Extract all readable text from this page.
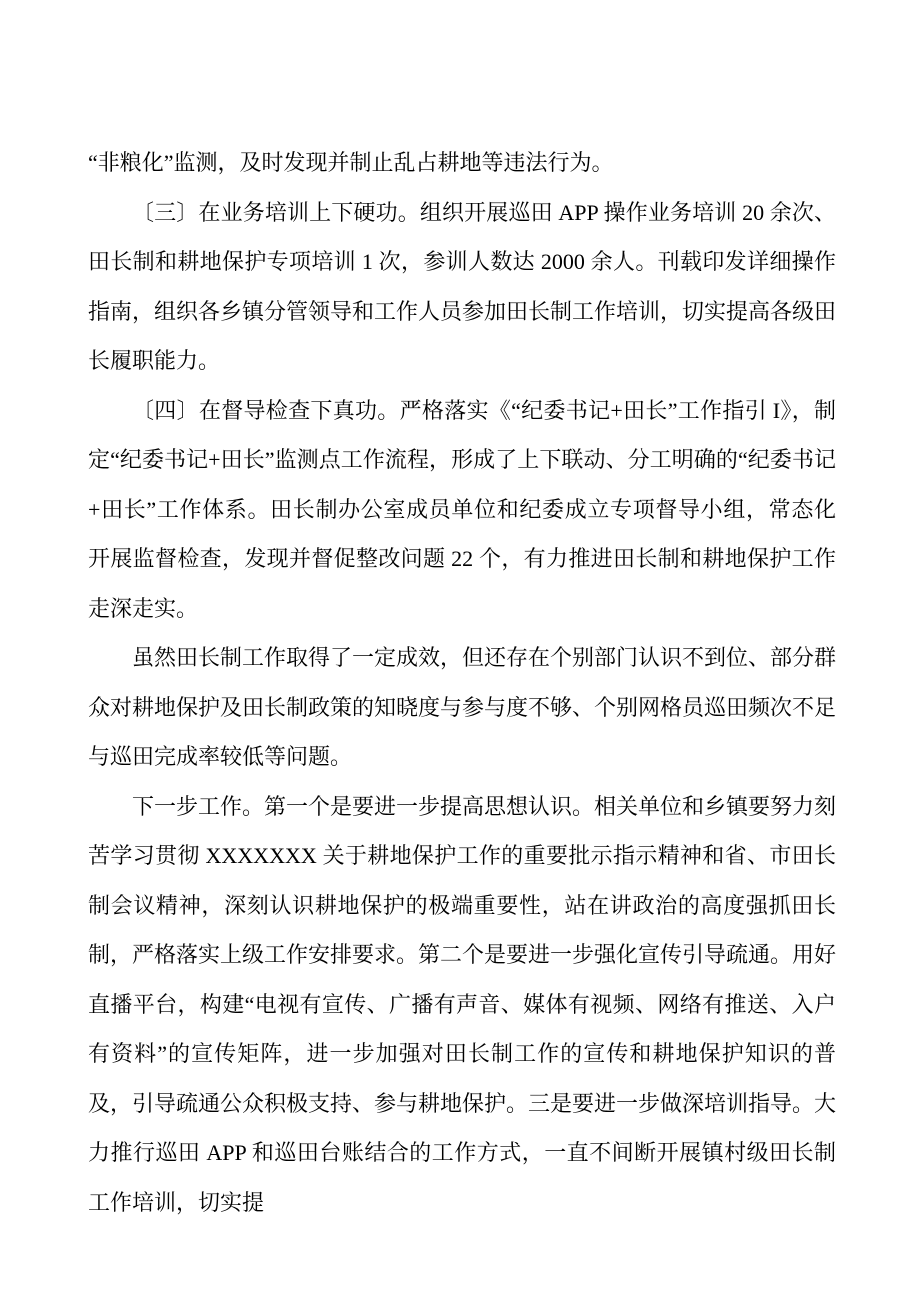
“非粮化”监测，及时发现并制止乱占耕地等违法行为。

〔三〕在业务培训上下硬功。组织开展巡田 APP 操作业务培训 20 余次、田长制和耕地保护专项培训 1 次，参训人数达 2000 余人。刊载印发详细操作指南，组织各乡镇分管领导和工作人员参加田长制工作培训，切实提高各级田长履职能力。

〔四〕在督导检查下真功。严格落实《“纪委书记+田长”工作指引 I》，制定“纪委书记+田长”监测点工作流程，形成了上下联动、分工明确的“纪委书记+田长”工作体系。田长制办公室成员单位和纪委成立专项督导小组，常态化开展监督检查，发现并督促整改问题 22 个，有力推进田长制和耕地保护工作走深走实。

虽然田长制工作取得了一定成效，但还存在个别部门认识不到位、部分群众对耕地保护及田长制政策的知晓度与参与度不够、个别网格员巡田频次不足与巡田完成率较低等问题。

下一步工作。第一个是要进一步提高思想认识。相关单位和乡镇要努力刻苦学习贯彻 XXXXXXX 关于耕地保护工作的重要批示指示精神和省、市田长制会议精神，深刻认识耕地保护的极端重要性，站在讲政治的高度强抓田长制，严格落实上级工作安排要求。第二个是要进一步强化宣传引导疏通。用好直播平台，构建“电视有宣传、广播有声音、媒体有视频、网络有推送、入户有资料”的宣传矩阵，进一步加强对田长制工作的宣传和耕地保护知识的普及，引导疏通公众积极支持、参与耕地保护。三是要进一步做深培训指导。大力推行巡田 APP 和巡田台账结合的工作方式，一直不间断开展镇村级田长制工作培训，切实提
